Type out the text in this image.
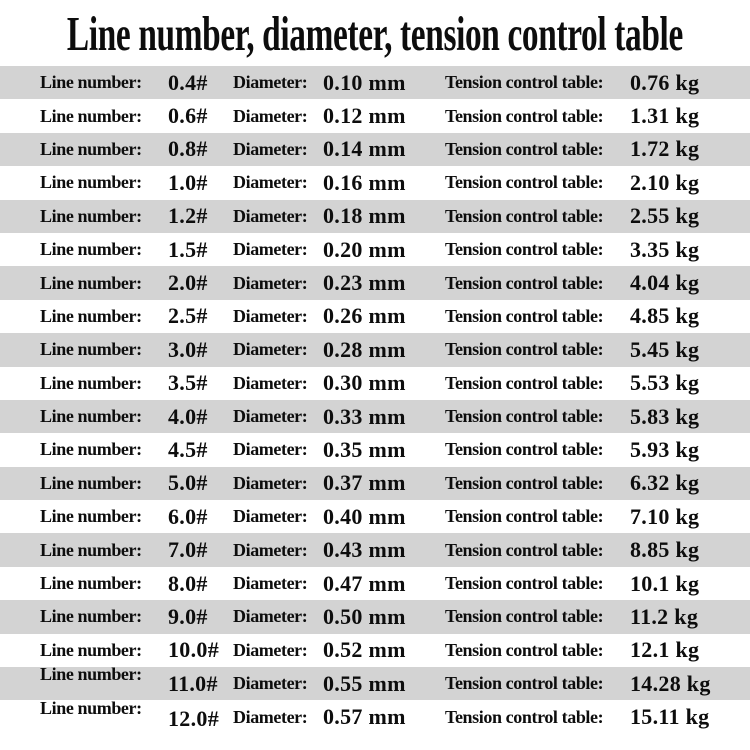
Line number, diameter, tension control table
Line number:	0.4#	Diameter: 0.10 mm	Tension control table:	0.76 kg
Line number:	0.6#	Diameter: 0.12 mm	Tension control table:	1.31 kg
Line number:	0.8#	Diameter: 0.14 mm	Tension control table:	1.72 kg
Line number:	1.0#	Diameter: 0.16 mm	Tension control table:	2.10 kg
Line number:	1.2#	Diameter: 0.18 mm	Tension control table:	2.55 kg
Line number:	1.5#	Diameter: 0.20 mm	Tension control table:	3.35 kg
Line number:	2.0#	Diameter: 0.23 mm	Tension control table:	4.04 kg
Line number:	2.5#	Diameter: 0.26 mm	Tension control table:	4.85 kg
Line number:	3.0#	Diameter: 0.28 mm	Tension control table:	5.45 kg
Line number:	3.5#	Diameter: 0.30 mm	Tension control table:	5.53 kg
Line number:	4.0#	Diameter: 0.33 mm	Tension control table:	5.83 kg
Line number:	4.5#	Diameter: 0.35 mm	Tension control table:	5.93 kg
Line number:	5.0#	Diameter: 0.37 mm	Tension control table:	6.32 kg
Line number:	6.0#	Diameter: 0.40 mm	Tension control table:	7.10 kg
Line number:	7.0#	Diameter: 0.43 mm	Tension control table:	8.85 kg
Line number:	8.0#	Diameter: 0.47 mm	Tension control table:	10.1 kg
Line number:	9.0#	Diameter: 0.50 mm	Tension control table:	11.2 kg
Line number:	10.0# Diameter: 0.52 mm	Tension control table:	12.1 kg
Line number:	11.0# Diameter: 0.55 mm	Tension control table:	14.28 kg
Line number:	12.0# Diameter: 0.57 mm	Tension control table:	15.11 kg
